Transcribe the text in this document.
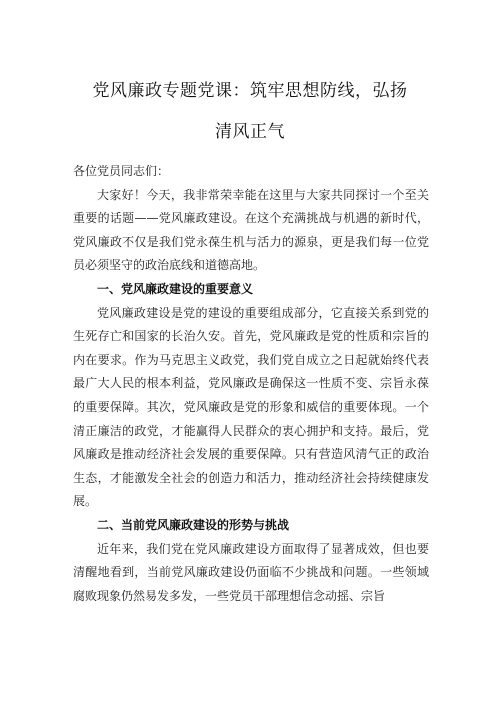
党风廉政专题党课：筑牢思想防线，弘扬
清风正气

各位党员同志们：

大家好！今天，我非常荣幸能在这里与大家共同探讨一个至关重要的话题——党风廉政建设。在这个充满挑战与机遇的新时代，党风廉政不仅是我们党永葆生机与活力的源泉，更是我们每一位党员必须坚守的政治底线和道德高地。

一、党风廉政建设的重要意义

党风廉政建设是党的建设的重要组成部分，它直接关系到党的生死存亡和国家的长治久安。首先，党风廉政是党的性质和宗旨的内在要求。作为马克思主义政党，我们党自成立之日起就始终代表最广大人民的根本利益，党风廉政是确保这一性质不变、宗旨永葆的重要保障。其次，党风廉政是党的形象和威信的重要体现。一个清正廉洁的政党，才能赢得人民群众的衷心拥护和支持。最后，党风廉政是推动经济社会发展的重要保障。只有营造风清气正的政治生态，才能激发全社会的创造力和活力，推动经济社会持续健康发展。

二、当前党风廉政建设的形势与挑战

近年来，我们党在党风廉政建设方面取得了显著成效，但也要清醒地看到，当前党风廉政建设仍面临不少挑战和问题。一些领域腐败现象仍然易发多发，一些党员干部理想信念动摇、宗旨
